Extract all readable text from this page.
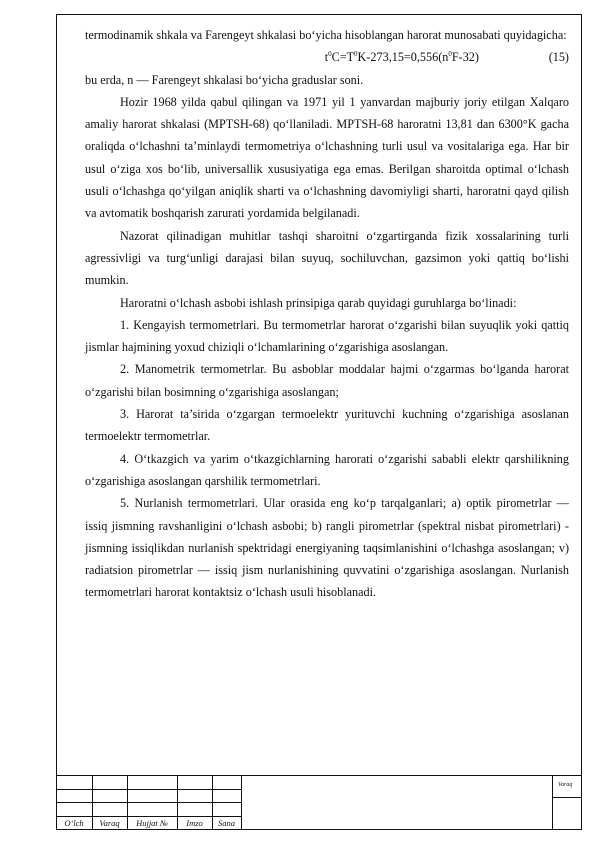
termodinamik shkala va Farengeyt shkalasi bo‘yicha hisoblangan harorat munosabati quyidagicha:

$t^0C=T^0K-273,15=0,556(n^0F-32)$	(15)

bu erda, n — Farengeyt shkalasi bo‘yicha graduslar soni.

Hozir 1968 yilda qabul qilingan va 1971 yil 1 yanvardan majburiy joriy etilgan Xalqaro amaliy harorat shkalasi (MPTSH-68) qo‘llaniladi. MPTSH-68 haroratni 13,81 dan 6300°K gacha oraliqda o‘lchashni ta’minlaydi termometriya o‘lchashning turli usul va vositalariga ega. Har bir usul o‘ziga xos bo‘lib, universallik xususiyatiga ega emas. Berilgan sharoitda optimal o‘lchash usuli o‘lchashga qo‘yilgan aniqlik sharti va o‘lchashning davomiyligi sharti, haroratni qayd qilish va avtomatik boshqarish zarurati yordamida belgilanadi.

Nazorat qilinadigan muhitlar tashqi sharoitni o‘zgartirganda fizik xossalarining turli agressivligi va turg‘unligi darajasi bilan suyuq, sochiluvchan, gazsimon yoki qattiq bo‘lishi mumkin.

Haroratni o‘lchash asbobi ishlash prinsipiga qarab quyidagi guruhlarga bo‘linadi:

1. Kengayish termometrlari. Bu termometrlar harorat o‘zgarishi bilan suyuqlik yoki qattiq jismlar hajmining yoxud chiziqli o‘lchamlarining o‘zgarishiga asoslangan.

2. Manometrik termometrlar. Bu asboblar moddalar hajmi o‘zgarmas bo‘lganda harorat o‘zgarishi bilan bosimning o‘zgarishiga asoslangan;

3. Harorat ta’sirida o‘zgargan termoelektr yurituvchi kuchning o‘zgarishiga asoslanan termoelektr termometrlar.

4. O‘tkazgich va yarim o‘tkazgichlarning harorati o‘zgarishi sababli elektr qarshilikning o‘zgarishiga asoslangan qarshilik termometrlari.

5. Nurlanish termometrlari. Ular orasida eng ko‘p tarqalganlari; a) optik pirometrlar — issiq jismning ravshanligini o‘lchash asbobi; b) rangli pirometrlar (spektral nisbat pirometrlari) - jismning issiqlikdan nurlanish spektridagi energiyaning taqsimlanishini o‘lchashga asoslangan; v) radiatsion pirometrlar — issiq jism nurlanishining quvvatini o‘zgarishiga asoslangan. Nurlanish termometrlari harorat kontaktsiz o‘lchash usuli hisoblanadi.

O‘lch	Varaq	Hujjat №	Imzo	Sana
Varaq
